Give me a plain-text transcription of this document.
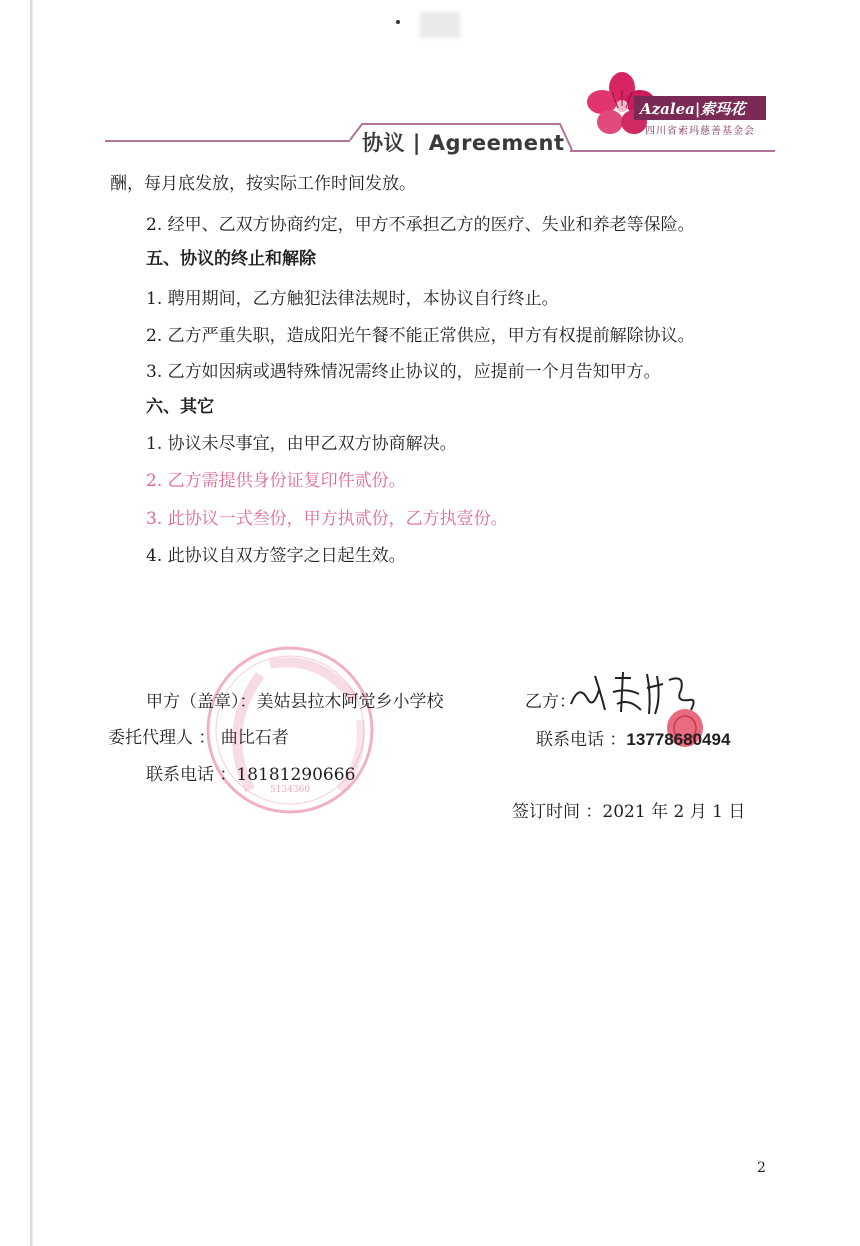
协议 | Agreement
Azalea|索玛花
四川省索玛慈善基金会
酬，每月底发放，按实际工作时间发放。
2. 经甲、乙双方协商约定，甲方不承担乙方的医疗、失业和养老等保险。
五、协议的终止和解除
1. 聘用期间，乙方触犯法律法规时，本协议自行终止。
2. 乙方严重失职，造成阳光午餐不能正常供应，甲方有权提前解除协议。
3. 乙方如因病或遇特殊情况需终止协议的，应提前一个月告知甲方。
六、其它
1. 协议未尽事宜，由甲乙双方协商解决。
2. 乙方需提供身份证复印件贰份。
3. 此协议一式叁份，甲方执贰份，乙方执壹份。
4. 此协议自双方签字之日起生效。
5134360
甲方（盖章）：美姑县拉木阿觉乡小学校
委托代理人 ： 曲比石者
联系电话 ：18181290666
乙方：
联系电话 ：13778680494
签订时间 ：2021 年 2 月 1 日
2
